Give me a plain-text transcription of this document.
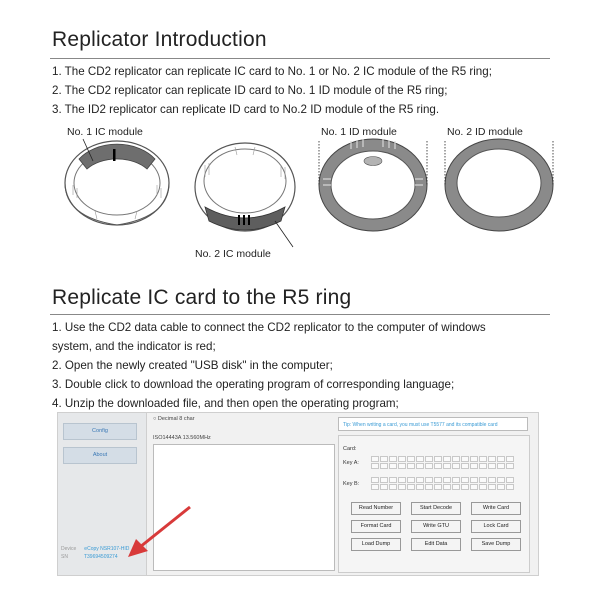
Replicator Introduction
1. The CD2 replicator can replicate IC card to No. 1 or No. 2 IC module of the R5 ring;
2. The CD2 replicator can replicate ID card to No. 1 ID module of the R5 ring;
3. The ID2 replicator can replicate ID card to No.2 ID module of the R5 ring.
No. 1 IC module
No. 2 IC module
No. 1 ID module	No. 2 ID module
Replicate IC card to the R5 ring
1. Use the CD2 data cable to connect the CD2 replicator to the computer of windows
system, and the indicator is red;
2. Open the newly created "USB disk" in the computer;
3. Double click to download the operating program of corresponding language;
4. Unzip the downloaded file, and then open the operating program;
Config
About
Device eCopy NSR107-HID
SN	T39694509274
○ Decimal 8 char
Tip: When writing a card, you must use T5577 and its compatible card
ISO14443A 13.560MHz
Card:
Key A:
Key B:
Read Number	Start Decode	Write Card
Format Card	Write GTU	Lock Card
Load Dump	Edit Data	Save Dump
